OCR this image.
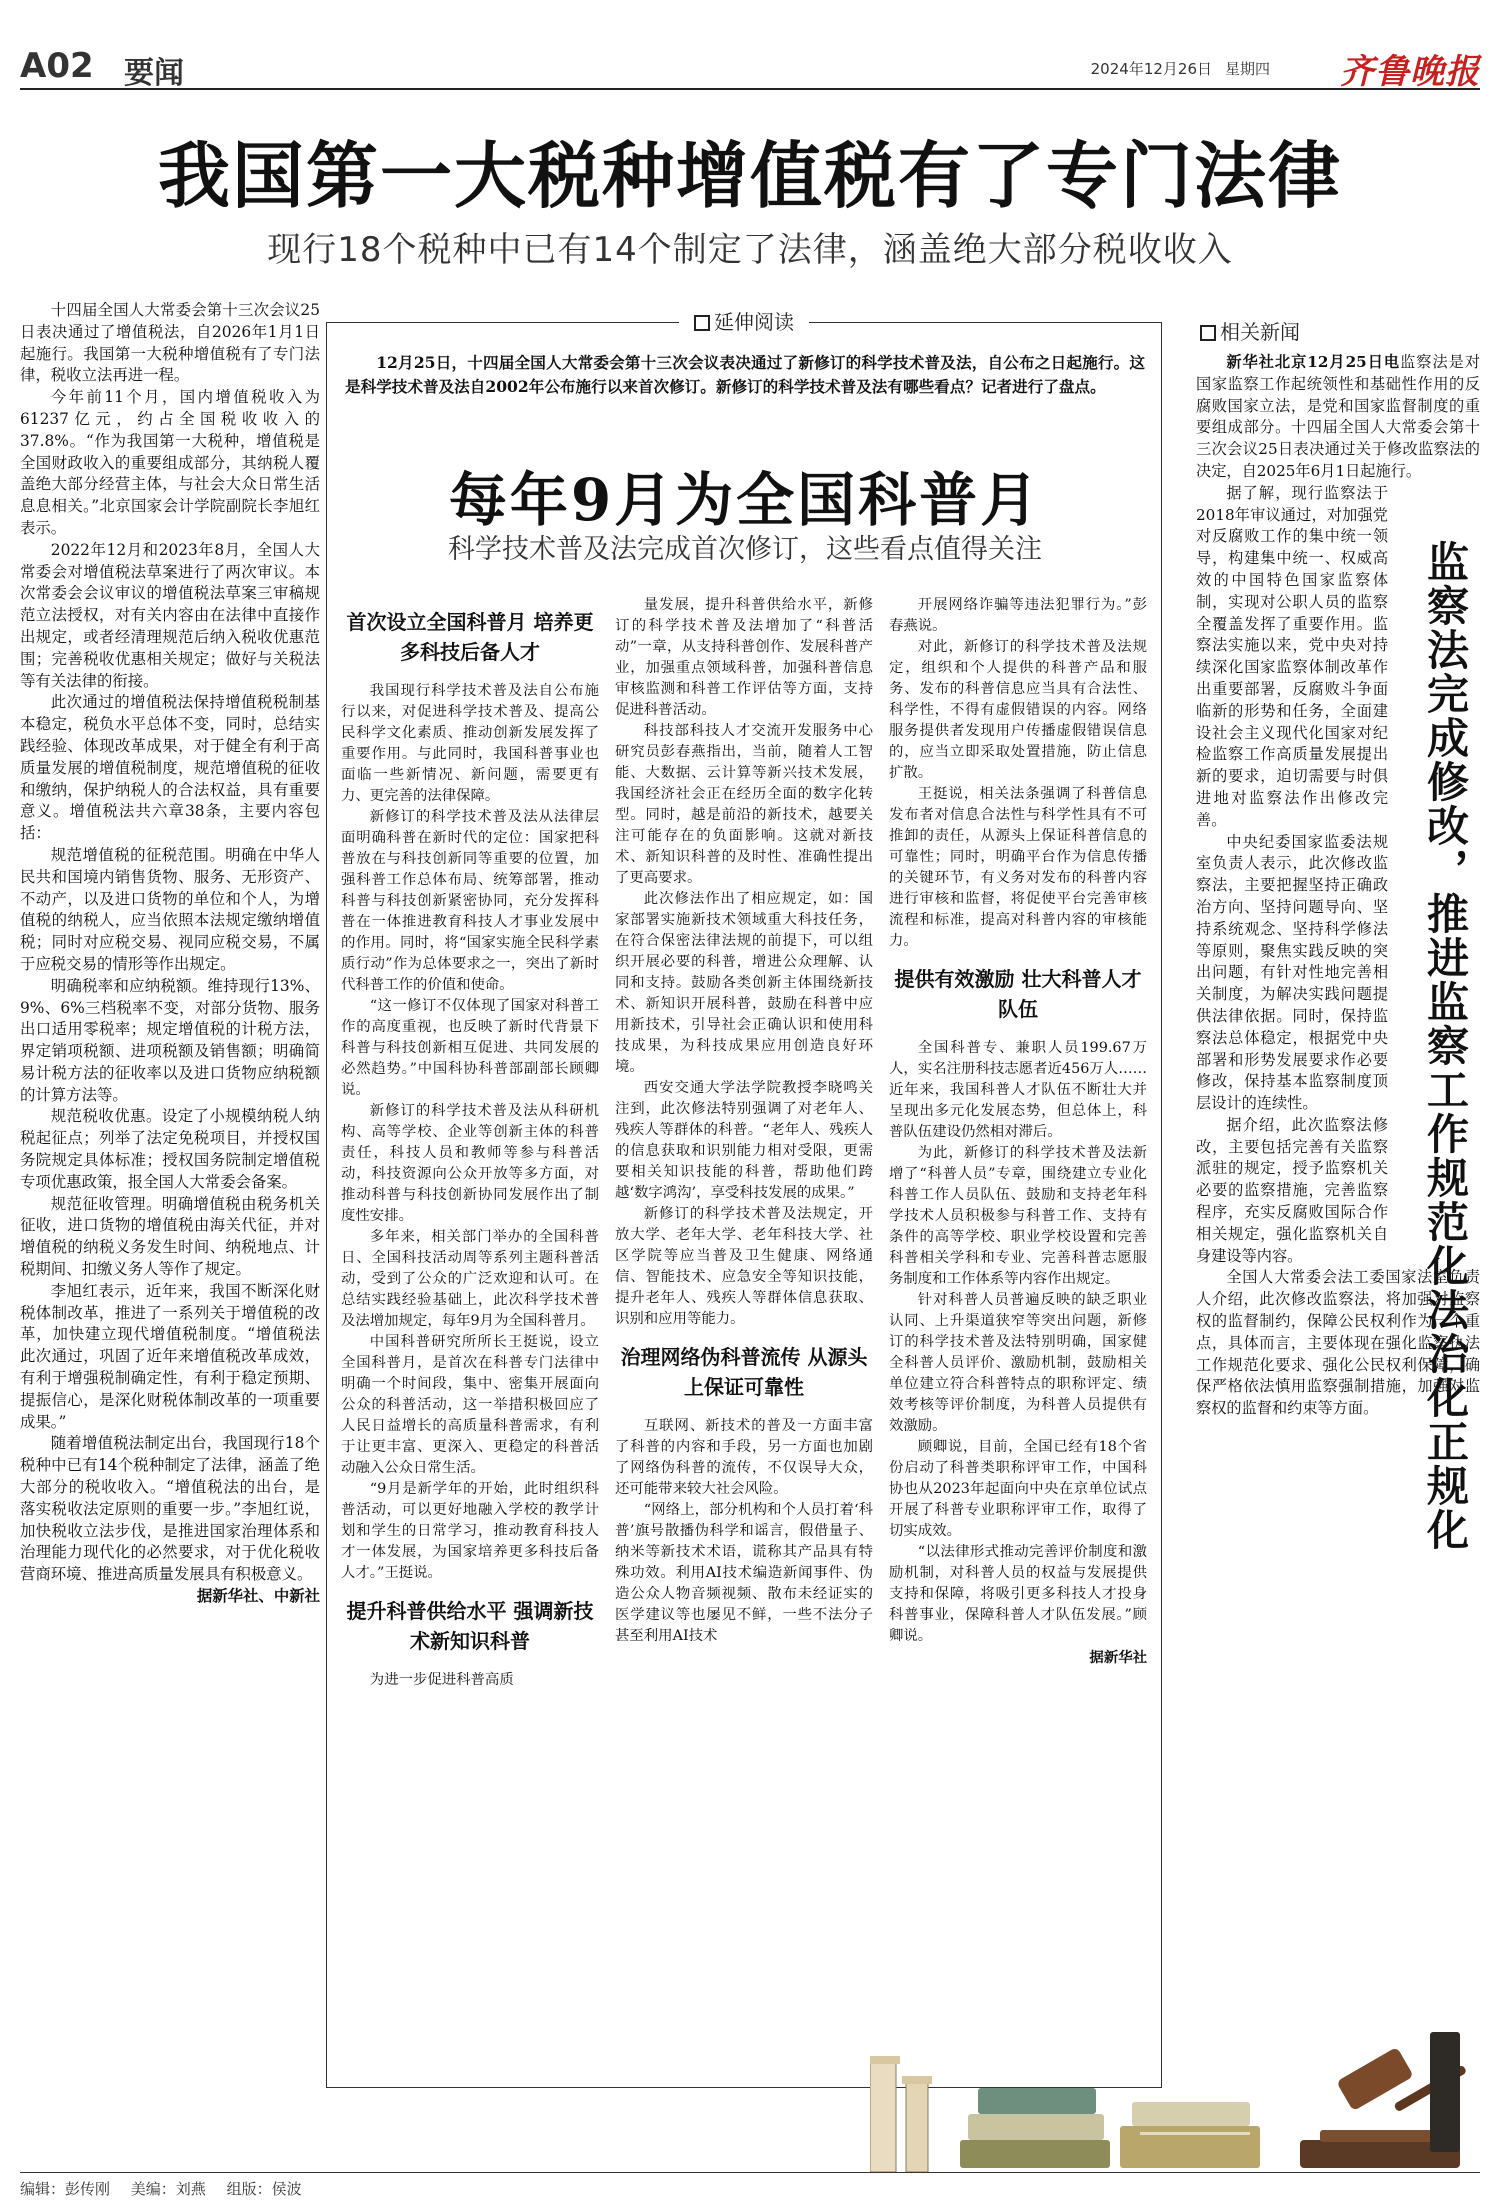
A02 要闻	2024年12月26日 星期四 齐鲁晚报
我国第一大税种增值税有了专门法律
现行18个税种中已有14个制定了法律，涵盖绝大部分税收收入

十四届全国人大常委会第十三次会议25日表决通过了增值税法，自2026年1月1日起施行。我国第一大税种增值税有了专门法律，税收立法再进一程。

今年前11个月，国内增值税收入为61237亿元，约占全国税收收入的37.8%。“作为我国第一大税种，增值税是全国财政收入的重要组成部分，其纳税人覆盖绝大部分经营主体，与社会大众日常生活息息相关。”北京国家会计学院副院长李旭红表示。

2022年12月和2023年8月，全国人大常委会对增值税法草案进行了两次审议。本次常委会会议审议的增值税法草案三审稿规范立法授权，对有关内容由在法律中直接作出规定，或者经清理规范后纳入税收优惠范围；完善税收优惠相关规定；做好与关税法等有关法律的衔接。

此次通过的增值税法保持增值税税制基本稳定，税负水平总体不变，同时，总结实践经验、体现改革成果，对于健全有利于高质量发展的增值税制度，规范增值税的征收和缴纳，保护纳税人的合法权益，具有重要意义。增值税法共六章38条，主要内容包括：

规范增值税的征税范围。明确在中华人民共和国境内销售货物、服务、无形资产、不动产，以及进口货物的单位和个人，为增值税的纳税人，应当依照本法规定缴纳增值税；同时对应税交易、视同应税交易，不属于应税交易的情形等作出规定。

明确税率和应纳税额。维持现行13%、9%、6%三档税率不变，对部分货物、服务出口适用零税率；规定增值税的计税方法，界定销项税额、进项税额及销售额；明确简易计税方法的征收率以及进口货物应纳税额的计算方法等。

规范税收优惠。设定了小规模纳税人纳税起征点；列举了法定免税项目，并授权国务院规定具体标准；授权国务院制定增值税专项优惠政策，报全国人大常委会备案。

规范征收管理。明确增值税由税务机关征收，进口货物的增值税由海关代征，并对增值税的纳税义务发生时间、纳税地点、计税期间、扣缴义务人等作了规定。

李旭红表示，近年来，我国不断深化财税体制改革，推进了一系列关于增值税的改革，加快建立现代增值税制度。“增值税法此次通过，巩固了近年来增值税改革成效，有利于增强税制确定性，有利于稳定预期、提振信心，是深化财税体制改革的一项重要成果。”

随着增值税法制定出台，我国现行18个税种中已有14个税种制定了法律，涵盖了绝大部分的税收收入。“增值税法的出台，是落实税收法定原则的重要一步。”李旭红说，加快税收立法步伐，是推进国家治理体系和治理能力现代化的必然要求，对于优化税收营商环境、推进高质量发展具有积极意义。

据新华社、中新社

延伸阅读

12月25日，十四届全国人大常委会第十三次会议表决通过了新修订的科学技术普及法，自公布之日起施行。这是科学技术普及法自2002年公布施行以来首次修订。新修订的科学技术普及法有哪些看点？记者进行了盘点。

每年9月为全国科普月
科学技术普及法完成首次修订，这些看点值得关注

首次设立全国科普月 培养更多科技后备人才

我国现行科学技术普及法自公布施行以来，对促进科学技术普及、提高公民科学文化素质、推动创新发展发挥了重要作用。与此同时，我国科普事业也面临一些新情况、新问题，需要更有力、更完善的法律保障。

新修订的科学技术普及法从法律层面明确科普在新时代的定位：国家把科普放在与科技创新同等重要的位置，加强科普工作总体布局、统筹部署，推动科普与科技创新紧密协同，充分发挥科普在一体推进教育科技人才事业发展中的作用。同时，将“国家实施全民科学素质行动”作为总体要求之一，突出了新时代科普工作的价值和使命。

“这一修订不仅体现了国家对科普工作的高度重视，也反映了新时代背景下科普与科技创新相互促进、共同发展的必然趋势。”中国科协科普部副部长顾卿说。

新修订的科学技术普及法从科研机构、高等学校、企业等创新主体的科普责任，科技人员和教师等参与科普活动，科技资源向公众开放等多方面，对推动科普与科技创新协同发展作出了制度性安排。

多年来，相关部门举办的全国科普日、全国科技活动周等系列主题科普活动，受到了公众的广泛欢迎和认可。在总结实践经验基础上，此次科学技术普及法增加规定，每年9月为全国科普月。

中国科普研究所所长王挺说，设立全国科普月，是首次在科普专门法律中明确一个时间段，集中、密集开展面向公众的科普活动，这一举措积极回应了人民日益增长的高质量科普需求，有利于让更丰富、更深入、更稳定的科普活动融入公众日常生活。

“9月是新学年的开始，此时组织科普活动，可以更好地融入学校的教学计划和学生的日常学习，推动教育科技人才一体发展，为国家培养更多科技后备人才。”王挺说。

提升科普供给水平 强调新技术新知识科普

为进一步促进科普高质

量发展，提升科普供给水平，新修订的科学技术普及法增加了“科普活动”一章，从支持科普创作、发展科普产业，加强重点领域科普，加强科普信息审核监测和科普工作评估等方面，支持促进科普活动。

科技部科技人才交流开发服务中心研究员彭春燕指出，当前，随着人工智能、大数据、云计算等新兴技术发展，我国经济社会正在经历全面的数字化转型。同时，越是前沿的新技术，越要关注可能存在的负面影响。这就对新技术、新知识科普的及时性、准确性提出了更高要求。

此次修法作出了相应规定，如：国家部署实施新技术领域重大科技任务，在符合保密法律法规的前提下，可以组织开展必要的科普，增进公众理解、认同和支持。鼓励各类创新主体围绕新技术、新知识开展科普，鼓励在科普中应用新技术，引导社会正确认识和使用科技成果，为科技成果应用创造良好环境。

西安交通大学法学院教授李晓鸣关注到，此次修法特别强调了对老年人、残疾人等群体的科普。“老年人、残疾人的信息获取和识别能力相对受限，更需要相关知识技能的科普，帮助他们跨越‘数字鸿沟’，享受科技发展的成果。”

新修订的科学技术普及法规定，开放大学、老年大学、老年科技大学、社区学院等应当普及卫生健康、网络通信、智能技术、应急安全等知识技能，提升老年人、残疾人等群体信息获取、识别和应用等能力。

治理网络伪科普流传 从源头上保证可靠性

互联网、新技术的普及一方面丰富了科普的内容和手段，另一方面也加剧了网络伪科普的流传，不仅误导大众，还可能带来较大社会风险。

“网络上，部分机构和个人员打着‘科普’旗号散播伪科学和谣言，假借量子、纳米等新技术术语，谎称其产品具有特殊功效。利用AI技术编造新闻事件、伪造公众人物音频视频、散布未经证实的医学建议等也屡见不鲜，一些不法分子甚至利用AI技术

开展网络诈骗等违法犯罪行为。”彭春燕说。

对此，新修订的科学技术普及法规定，组织和个人提供的科普产品和服务、发布的科普信息应当具有合法性、科学性，不得有虚假错误的内容。网络服务提供者发现用户传播虚假错误信息的，应当立即采取处置措施，防止信息扩散。

王挺说，相关法条强调了科普信息发布者对信息合法性与科学性具有不可推卸的责任，从源头上保证科普信息的可靠性；同时，明确平台作为信息传播的关键环节，有义务对发布的科普内容进行审核和监督，将促使平台完善审核流程和标准，提高对科普内容的审核能力。

提供有效激励 壮大科普人才队伍

全国科普专、兼职人员199.67万人，实名注册科技志愿者近456万人……近年来，我国科普人才队伍不断壮大并呈现出多元化发展态势，但总体上，科普队伍建设仍然相对滞后。

为此，新修订的科学技术普及法新增了“科普人员”专章，围绕建立专业化科普工作人员队伍、鼓励和支持老年科学技术人员积极参与科普工作、支持有条件的高等学校、职业学校设置和完善科普相关学科和专业、完善科普志愿服务制度和工作体系等内容作出规定。

针对科普人员普遍反映的缺乏职业认同、上升渠道狭窄等突出问题，新修订的科学技术普及法特别明确，国家健全科普人员评价、激励机制，鼓励相关单位建立符合科普特点的职称评定、绩效考核等评价制度，为科普人员提供有效激励。

顾卿说，目前，全国已经有18个省份启动了科普类职称评审工作，中国科协也从2023年起面向中央在京单位试点开展了科普专业职称评审工作，取得了切实成效。

“以法律形式推动完善评价制度和激励机制，对科普人员的权益与发展提供支持和保障，将吸引更多科技人才投身科普事业，保障科普人才队伍发展。”顾卿说。

据新华社

相关新闻

新华社北京12月25日电监察法是对国家监察工作起统领性和基础性作用的反腐败国家立法，是党和国家监督制度的重要组成部分。十四届全国人大常委会第十三次会议25日表决通过关于修改监察法的决定，自2025年6月1日起施行。

据了解，现行监察法于2018年审议通过，对加强党对反腐败工作的集中统一领导，构建集中统一、权威高效的中国特色国家监察体制，实现对公职人员的监察全覆盖发挥了重要作用。监察法实施以来，党中央对持续深化国家监察体制改革作出重要部署，反腐败斗争面临新的形势和任务，全面建设社会主义现代化国家对纪检监察工作高质量发展提出新的要求，迫切需要与时俱进地对监察法作出修改完善。

中央纪委国家监委法规室负责人表示，此次修改监察法，主要把握坚持正确政治方向、坚持问题导向、坚持系统观念、坚持科学修法等原则，聚焦实践反映的突出问题，有针对性地完善相关制度，为解决实践问题提供法律依据。同时，保持监察法总体稳定，根据党中央部署和形势发展要求作必要修改，保持基本监察制度顶层设计的连续性。

据介绍，此次监察法修改，主要包括完善有关监察派驻的规定，授予监察机关必要的监察措施，完善监察程序，充实反腐败国际合作相关规定，强化监察机关自身建设等内容。

全国人大常委会法工委国家法室负责人介绍，此次修改监察法，将加强对监察权的监督制约，保障公民权利作为一个重点，具体而言，主要体现在强化监察执法工作规范化要求、强化公民权利保障，确保严格依法慎用监察强制措施，加强对监察权的监督和约束等方面。	监察法完成修改，推进监察工作规范化法治化正规化
编辑：彭传刚 美编：刘燕 组版：侯波
